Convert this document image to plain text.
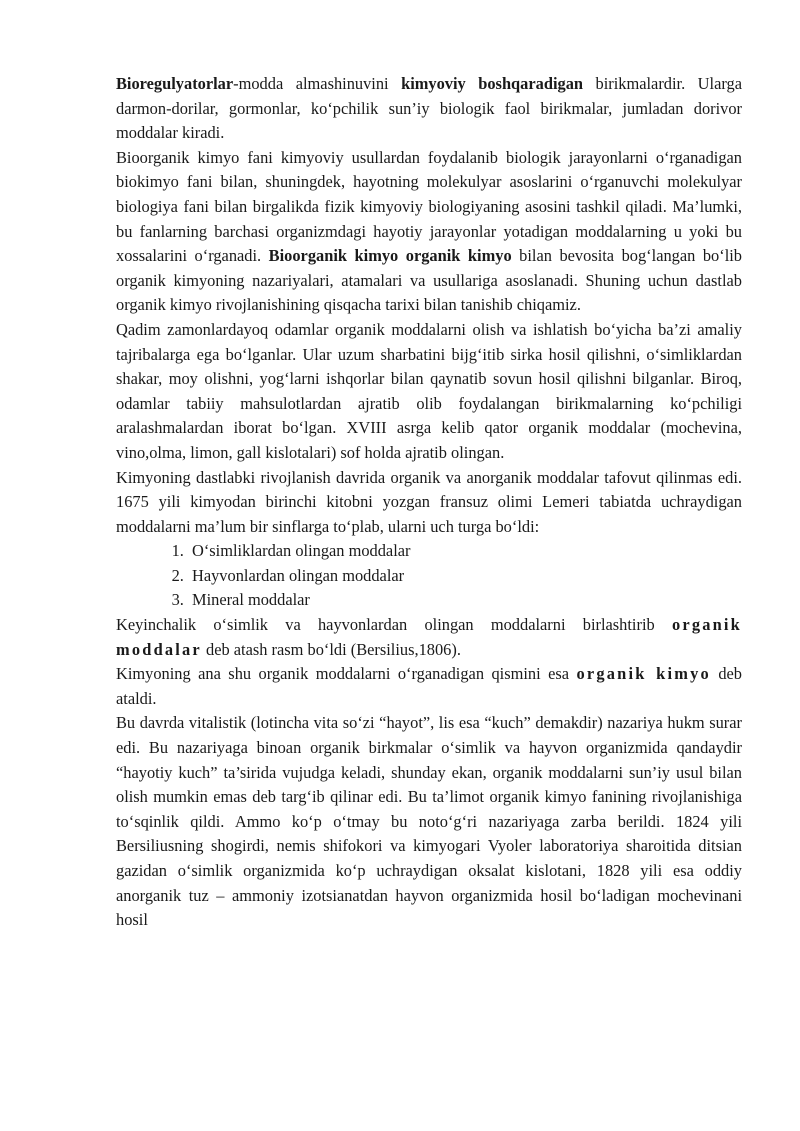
Bioregulyatorlar-modda almashinuvini kimyoviy boshqaradigan birikmalardir. Ularga darmon-dorilar, gormonlar, ko‘pchilik sun’iy biologik faol birikmalar, jumladan dorivor moddalar kiradi.

Bioorganik kimyo fani kimyoviy usullardan foydalanib biologik jarayonlarni o‘rganadigan biokimyo fani bilan, shuningdek, hayotning molekulyar asoslarini o‘rganuvchi molekulyar biologiya fani bilan birgalikda fizik kimyoviy biologiyaning asosini tashkil qiladi. Ma’lumki, bu fanlarning barchasi organizmdagi hayotiy jarayonlar yotadigan moddalarning u yoki bu xossalarini o‘rganadi. Bioorganik kimyo organik kimyo bilan bevosita bog‘langan bo‘lib organik kimyoning nazariyalari, atamalari va usullariga asoslanadi. Shuning uchun dastlab organik kimyo rivojlanishining qisqacha tarixi bilan tanishib chiqamiz.

Qadim zamonlardayoq odamlar organik moddalarni olish va ishlatish bo‘yicha ba’zi amaliy tajribalarga ega bo‘lganlar. Ular uzum sharbatini bijg‘itib sirka hosil qilishni, o‘simliklardan shakar, moy olishni, yog‘larni ishqorlar bilan qaynatib sovun hosil qilishni bilganlar. Biroq, odamlar tabiiy mahsulotlardan ajratib olib foydalangan birikmalarning ko‘pchiligi aralashmalardan iborat bo‘lgan. XVIII asrga kelib qator organik moddalar (mochevina, vino,olma, limon, gall kislotalari) sof holda ajratib olingan.

Kimyoning dastlabki rivojlanish davrida organik va anorganik moddalar tafovut qilinmas edi. 1675 yili kimyodan birinchi kitobni yozgan fransuz olimi Lemeri tabiatda uchraydigan moddalarni ma’lum bir sinflarga to‘plab, ularni uch turga bo‘ldi:

1. O‘simliklardan olingan moddalar
2. Hayvonlardan olingan moddalar
3. Mineral moddalar

Keyinchalik o‘simlik va hayvonlardan olingan moddalarni birlashtirib organik moddalar deb atash rasm bo‘ldi (Bersilius,1806).

Kimyoning ana shu organik moddalarni o‘rganadigan qismini esa organik kimyo deb ataldi.

Bu davrda vitalistik (lotincha vita so‘zi “hayot”, lis esa “kuch” demakdir) nazariya hukm surar edi. Bu nazariyaga binoan organik birkmalar o‘simlik va hayvon organizmida qandaydir “hayotiy kuch” ta’sirida vujudga keladi, shunday ekan, organik moddalarni sun’iy usul bilan olish mumkin emas deb targ‘ib qilinar edi. Bu ta’limot organik kimyo fanining rivojlanishiga to‘sqinlik qildi. Ammo ko‘p o‘tmay bu noto‘g‘ri nazariyaga zarba berildi. 1824 yili Bersiliusning shogirdi, nemis shifokori va kimyogari Vyoler laboratoriya sharoitida ditsian gazidan o‘simlik organizmida ko‘p uchraydigan oksalat kislotani, 1828 yili esa oddiy anorganik tuz – ammoniy izotsianatdan hayvon organizmida hosil bo‘ladigan mochevinani hosil
